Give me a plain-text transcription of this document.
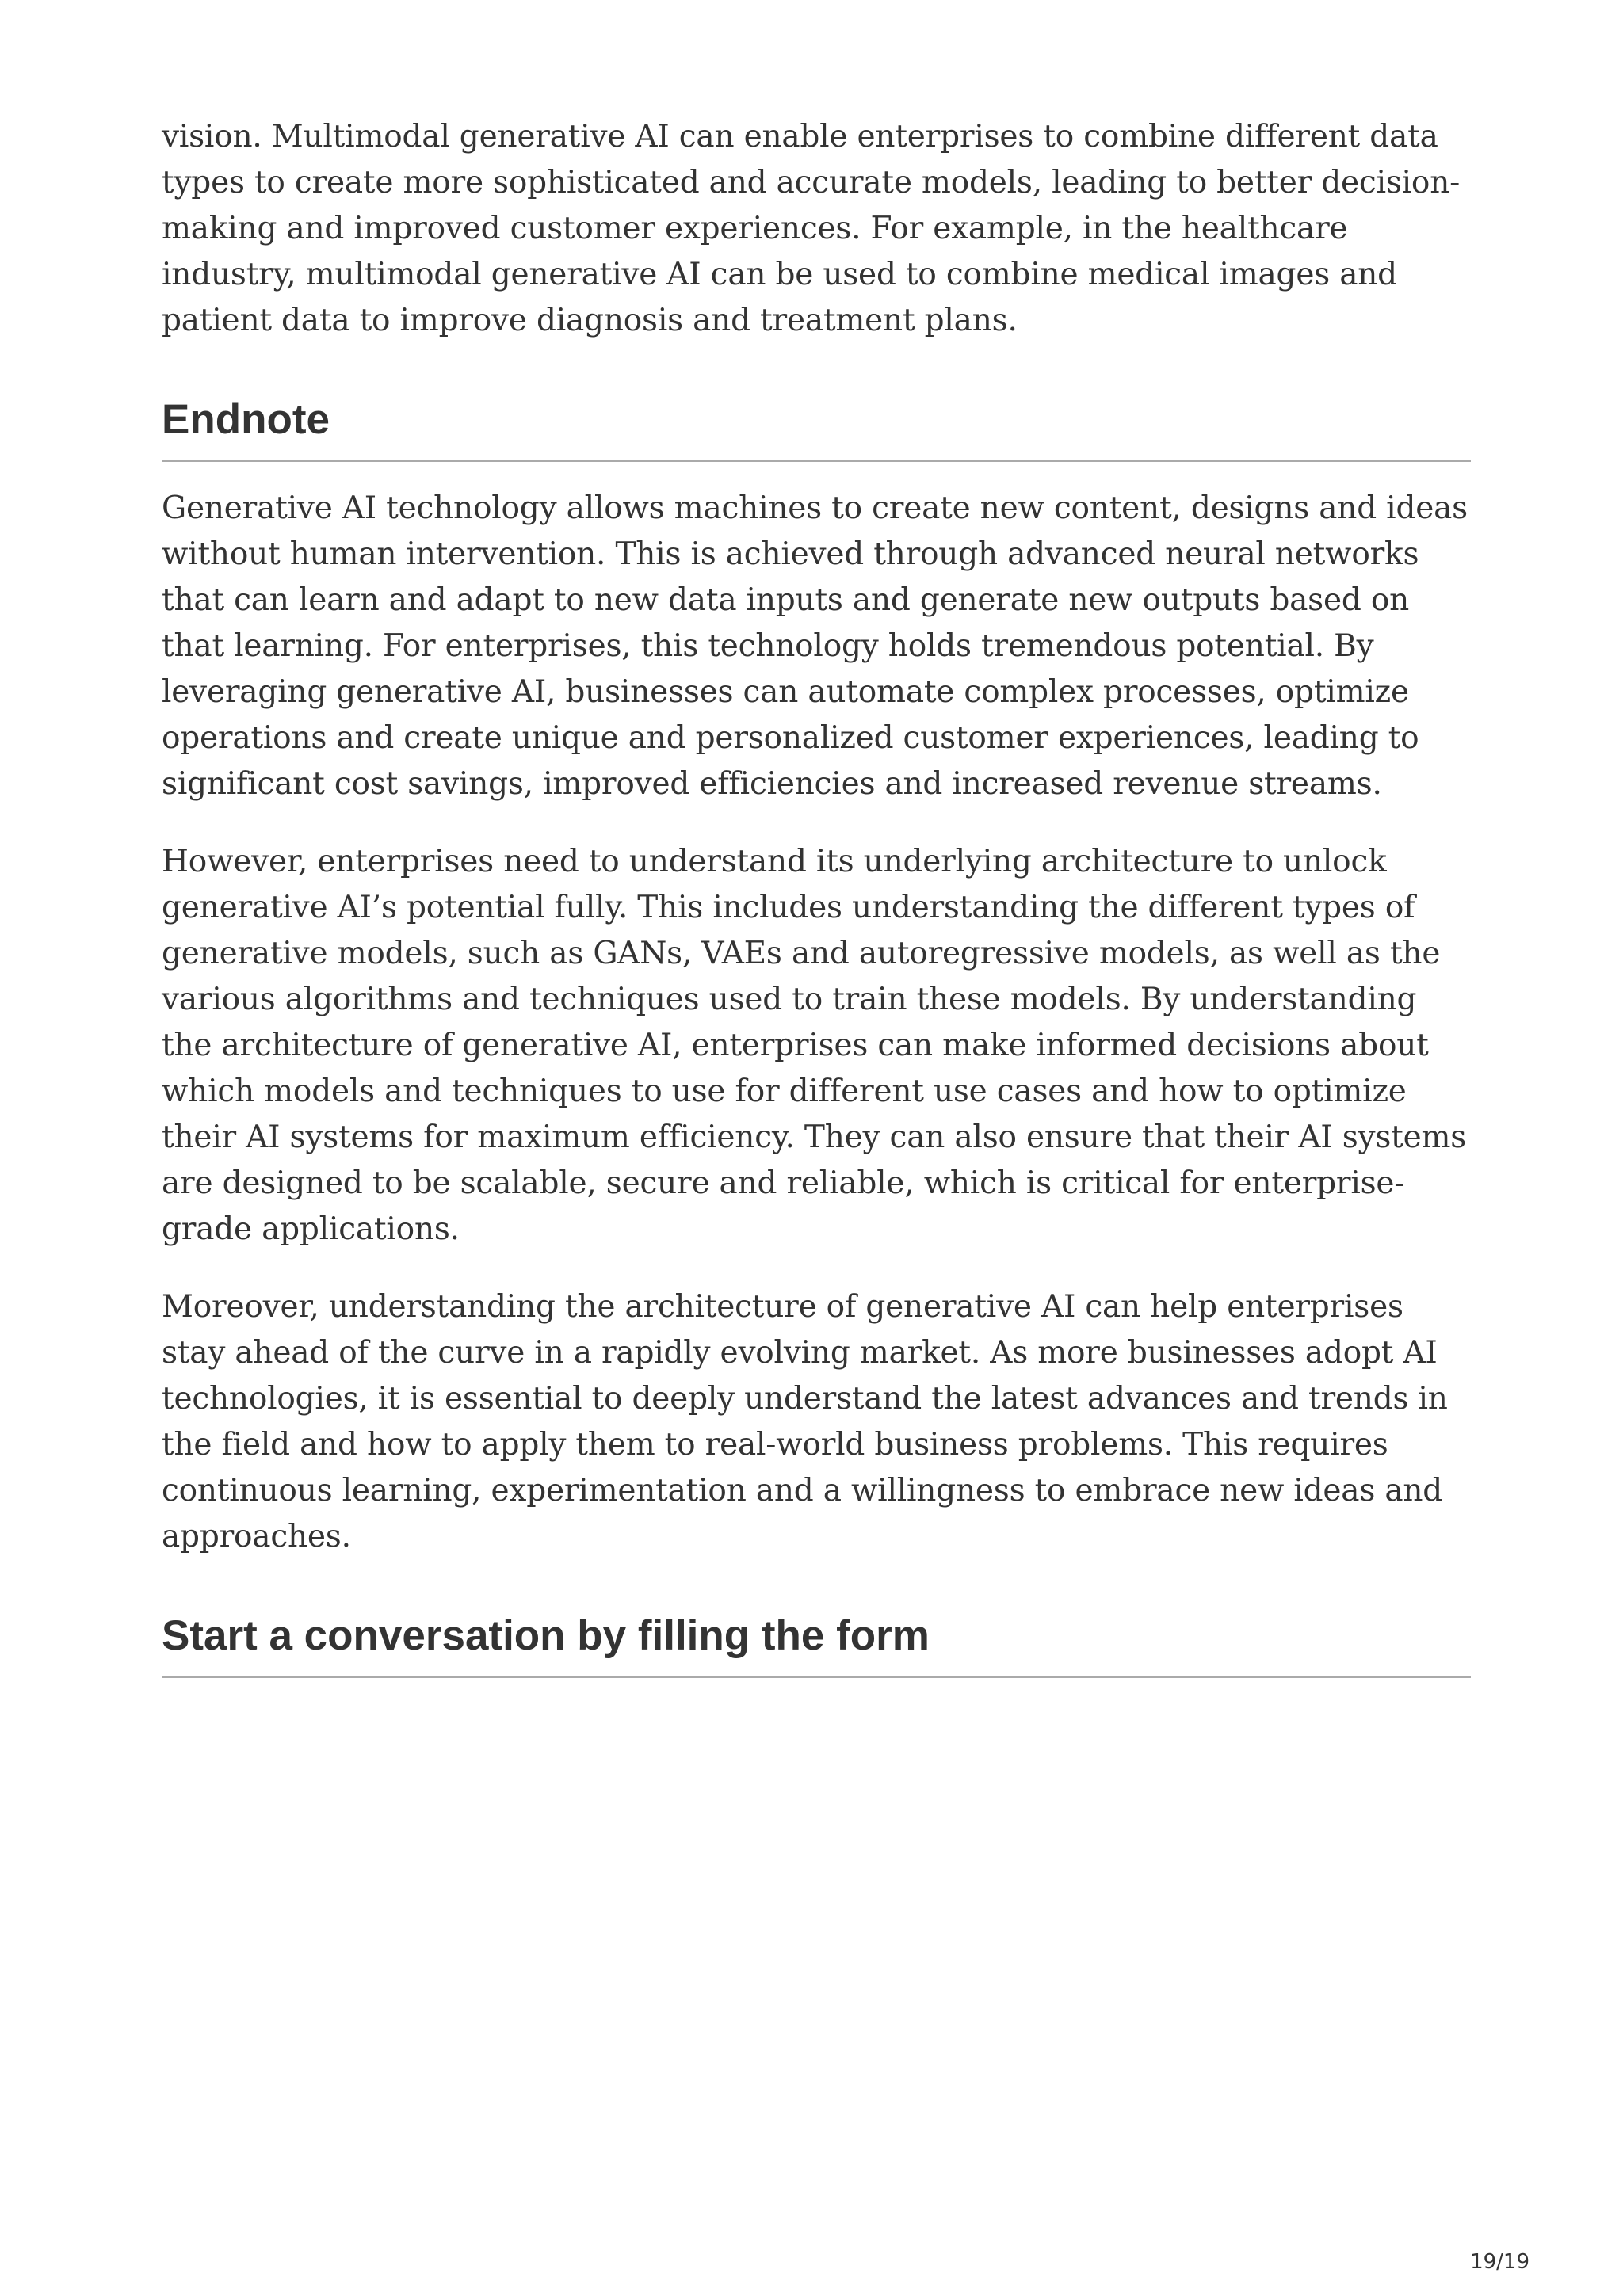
vision. Multimodal generative AI can enable enterprises to combine different data types to create more sophisticated and accurate models, leading to better decision-making and improved customer experiences. For example, in the healthcare industry, multimodal generative AI can be used to combine medical images and patient data to improve diagnosis and treatment plans.

Endnote

Generative AI technology allows machines to create new content, designs and ideas without human intervention. This is achieved through advanced neural networks that can learn and adapt to new data inputs and generate new outputs based on that learning. For enterprises, this technology holds tremendous potential. By leveraging generative AI, businesses can automate complex processes, optimize operations and create unique and personalized customer experiences, leading to significant cost savings, improved efficiencies and increased revenue streams.

However, enterprises need to understand its underlying architecture to unlock generative AI’s potential fully. This includes understanding the different types of generative models, such as GANs, VAEs and autoregressive models, as well as the various algorithms and techniques used to train these models. By understanding the architecture of generative AI, enterprises can make informed decisions about which models and techniques to use for different use cases and how to optimize their AI systems for maximum efficiency. They can also ensure that their AI systems are designed to be scalable, secure and reliable, which is critical for enterprise-grade applications.

Moreover, understanding the architecture of generative AI can help enterprises stay ahead of the curve in a rapidly evolving market. As more businesses adopt AI technologies, it is essential to deeply understand the latest advances and trends in the field and how to apply them to real-world business problems. This requires continuous learning, experimentation and a willingness to embrace new ideas and approaches.

Start a conversation by filling the form
19/19
